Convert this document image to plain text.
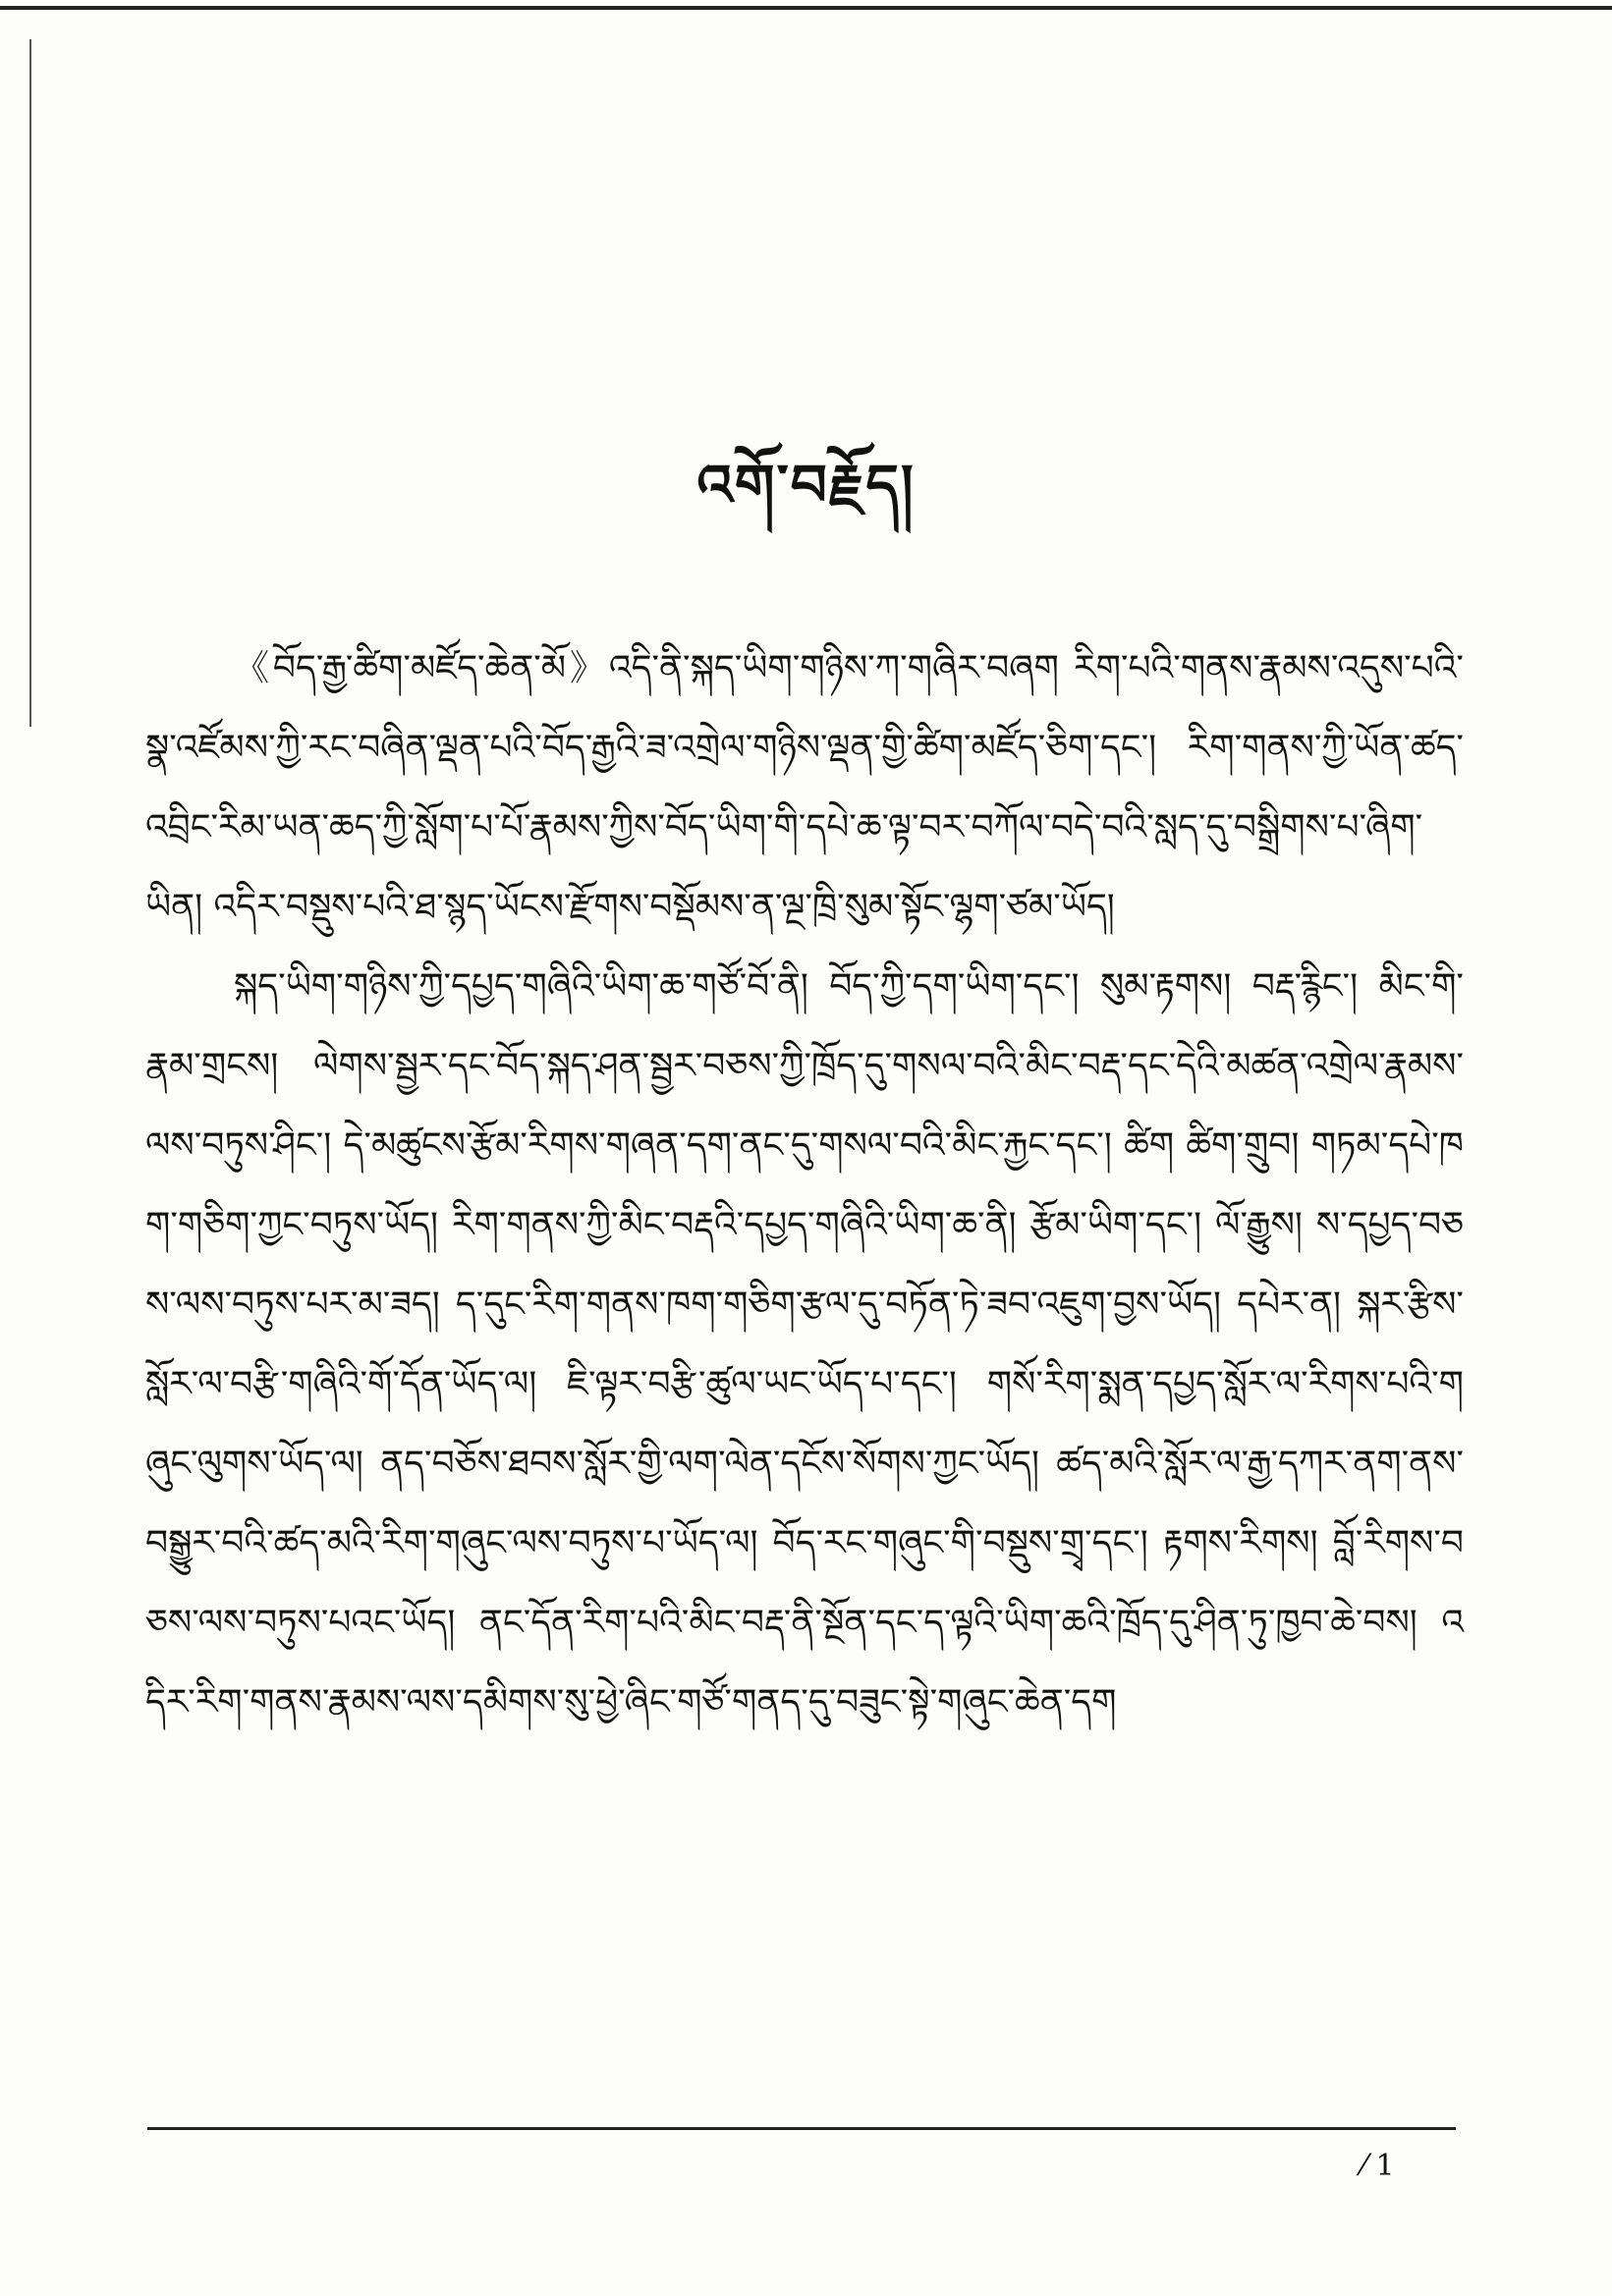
འགོ་བརྗོད།

《བོད་རྒྱ་ཚིག་མཛོད་ཆེན་མོ》འདི་ནི་སྐད་ཡིག་གཉིས་ཀ་གཞིར་བཞག རིག་པའི་གནས་རྣམས་འདུས་པའི་སྣ་འཛོམས་ཀྱི་རང་བཞིན་ལྡན་པའི་བོད་རྒྱའི་ཟ་འགྲེལ་གཉིས་ལྡན་གྱི་ཚིག་མཛོད་ཅིག་དང་། རིག་གནས་ཀྱི་ཡོན་ཚད་འབྲིང་རིམ་ཡན་ཆད་ཀྱི་སློག་པ་པོ་རྣམས་ཀྱིས་བོད་ཡིག་གི་དཔེ་ཆ་ལྟ་བར་བཀོལ་བདེ་བའི་སླད་དུ་བསྒྲིགས་པ་ཞིག་ཡིན། འདིར་བསྡུས་པའི་ཐ་སྙད་ཡོངས་རྫོགས་བསྡོམས་ན་ལྔ་ཁྲི་སུམ་སྟོང་ལྷག་ཙམ་ཡོད།

སྐད་ཡིག་གཉིས་ཀྱི་དཔྱད་གཞིའི་ཡིག་ཆ་གཙོ་བོ་ནི། བོད་ཀྱི་དག་ཡིག་དང་། སུམ་རྟགས། བརྡ་རྙིང་། མིང་གི་རྣམ་གྲངས། ལེགས་སྦྱར་དང་བོད་སྐད་ཤན་སྦྱར་བཅས་ཀྱི་ཁྲོད་དུ་གསལ་བའི་མིང་བརྡ་དང་དེའི་མཚན་འགྲེལ་རྣམས་ལས་བཏུས་ཤིང་། དེ་མཚུངས་རྩོམ་རིགས་གཞན་དག་ནང་དུ་གསལ་བའི་མིང་རྐྱང་དང་། ཚིག ཚིག་གྲུབ། གཏམ་དཔེ་ཁག་གཅིག་ཀྱང་བཏུས་ཡོད། རིག་གནས་ཀྱི་མིང་བརྡའི་དཔྱད་གཞིའི་ཡིག་ཆ་ནི། རྩོམ་ཡིག་དང་། ལོ་རྒྱུས། ས་དཔྱད་བཅས་ལས་བཏུས་པར་མ་ཟད། ད་དུང་རིག་གནས་ཁག་གཅིག་རྩལ་དུ་བཏོན་ཏེ་ཟབ་འཇུག་བྱས་ཡོད། དཔེར་ན། སྐར་རྩིས་སློར་ལ་བརྩི་གཞིའི་གོ་དོན་ཡོད་ལ། ཇི་ལྟར་བརྩི་ཚུལ་ཡང་ཡོད་པ་དང་། གསོ་རིག་སྨན་དཔྱད་སློར་ལ་རིགས་པའི་གཞུང་ལུགས་ཡོད་ལ། ནད་བཅོས་ཐབས་སློར་གྱི་ལག་ལེན་དངོས་སོགས་ཀྱང་ཡོད། ཚད་མའི་སློར་ལ་རྒྱ་དཀར་ནག་ནས་བསྒྱུར་བའི་ཚད་མའི་རིག་གཞུང་ལས་བཏུས་པ་ཡོད་ལ། བོད་རང་གཞུང་གི་བསྡུས་གྲྭ་དང་། རྟགས་རིགས། བློ་རིགས་བཅས་ལས་བཏུས་པའང་ཡོད། ནང་དོན་རིག་པའི་མིང་བརྡ་ནི་སྔོན་དང་ད་ལྟའི་ཡིག་ཆའི་ཁྲོད་དུ་ཤིན་ཏུ་ཁྱབ་ཆེ་བས། འདིར་རིག་གནས་རྣམས་ལས་དམིགས་སུ་ཕྱེ་ཞིང་གཙོ་གནད་དུ་བཟུང་སྟེ་གཞུང་ཆེན་དག

⁄ 1
